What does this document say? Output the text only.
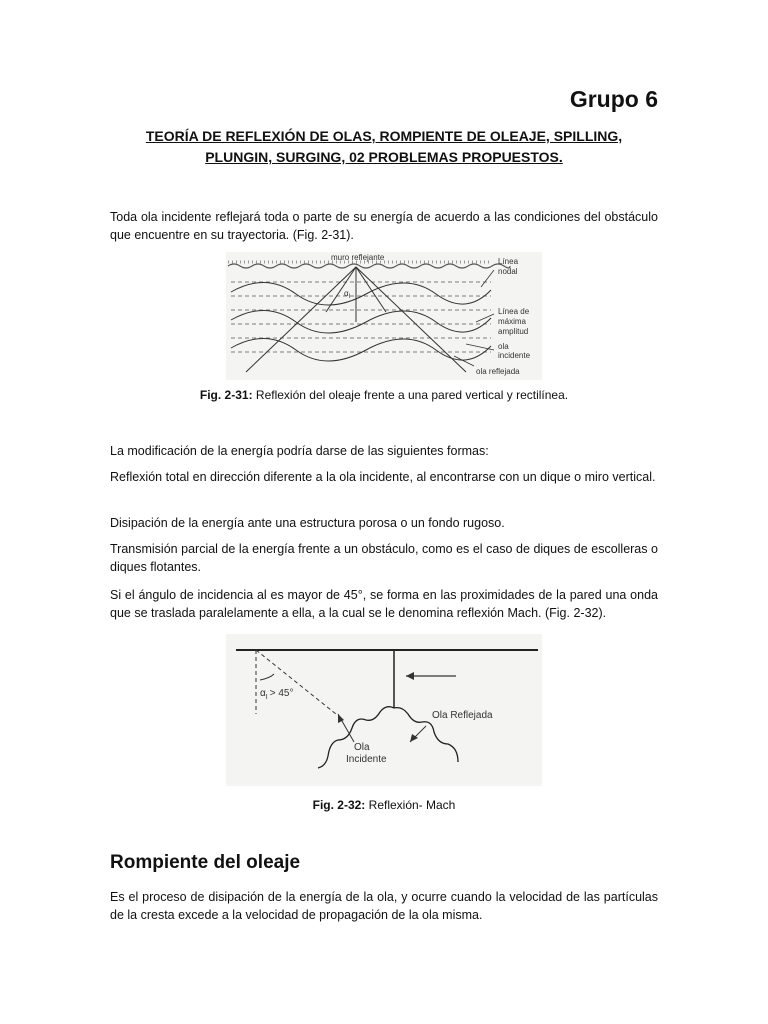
Grupo 6
TEORÍA DE REFLEXIÓN DE OLAS, ROMPIENTE DE OLEAJE, SPILLING,
PLUNGIN, SURGING, 02 PROBLEMAS PROPUESTOS.

Toda ola incidente reflejará toda o parte de su energía de acuerdo a las condiciones del obstáculo que encuentre en su trayectoria. (Fig. 2-31).

muro reflejante
$\alpha_I$
Línea
nodal
Línea de
máxima
amplitud
ola
incidente
ola reflejada
Fig. 2-31: Reflexión del oleaje frente a una pared vertical y rectilínea.

La modificación de la energía podría darse de las siguientes formas:

Reflexión total en dirección diferente a la ola incidente, al encontrarse con un dique o miro vertical.

Disipación de la energía ante una estructura porosa o un fondo rugoso.

Transmisión parcial de la energía frente a un obstáculo, como es el caso de diques de escolleras o diques flotantes.

Si el ángulo de incidencia al es mayor de 45°, se forma en las proximidades de la pared una onda que se traslada paralelamente a ella, a la cual se le denomina reflexión Mach. (Fig. 2-32).

$\alpha_I > 45^\circ$
Ola Reflejada
Ola
Incidente
Fig. 2-32: Reflexión- Mach
Rompiente del oleaje

Es el proceso de disipación de la energía de la ola, y ocurre cuando la velocidad de las partículas de la cresta excede a la velocidad de propagación de la ola misma.
